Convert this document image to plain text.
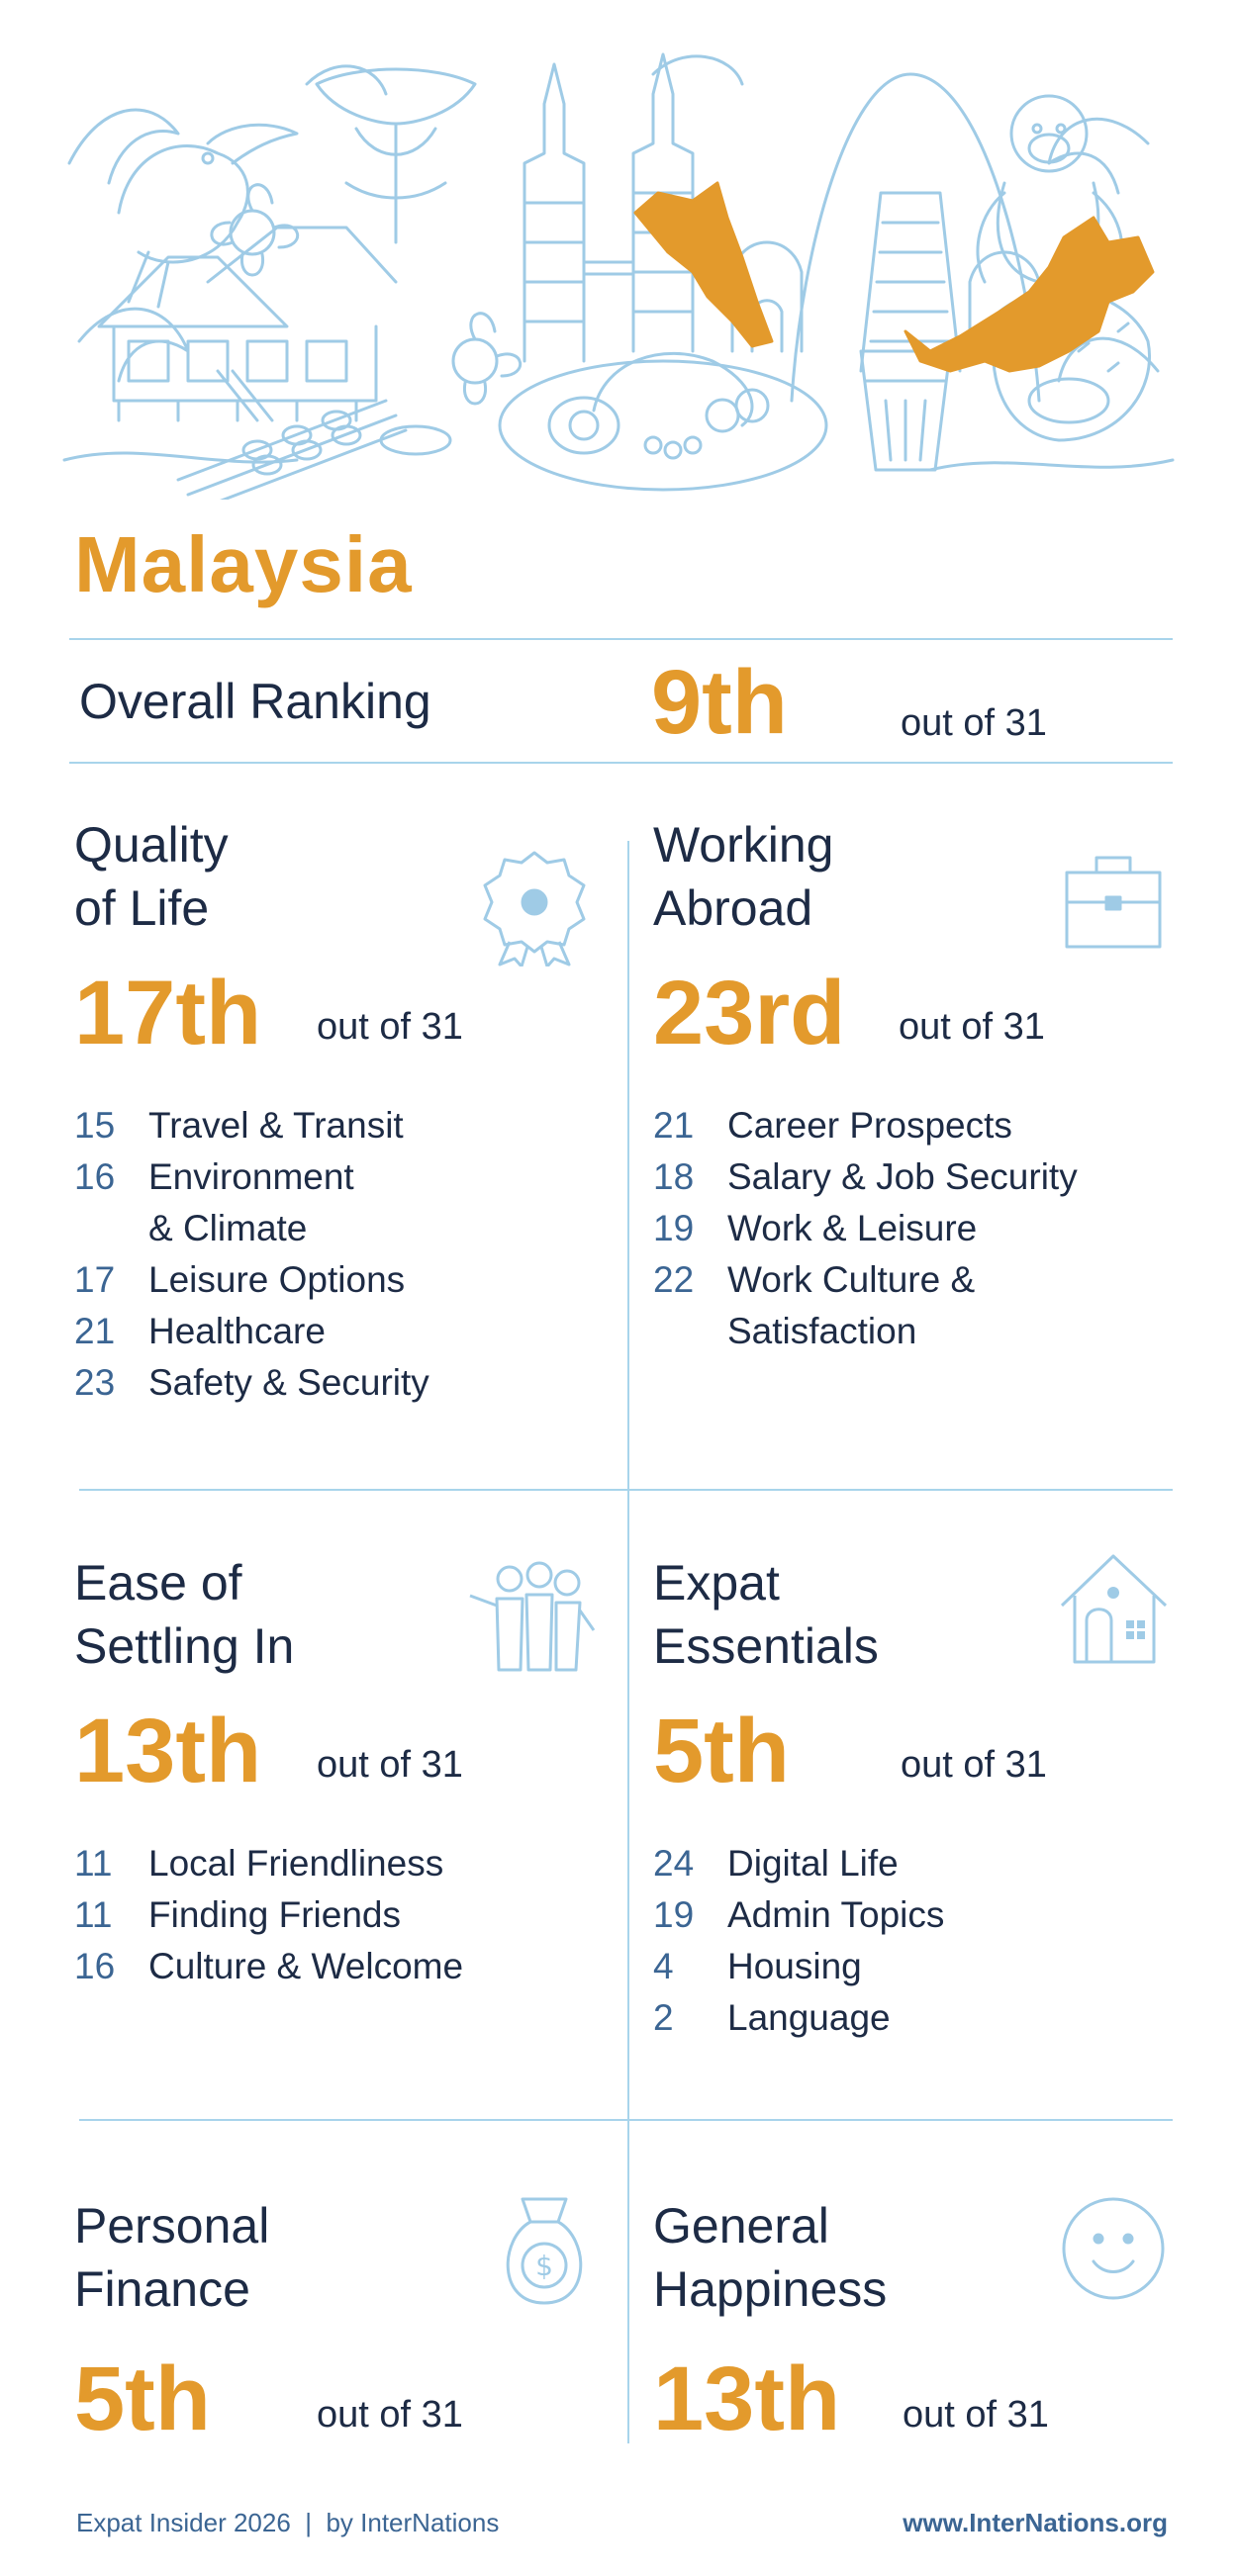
Malaysia
Overall Ranking 9th	out of 31
Quality
of Life
17th out of 31
15 Travel & Transit
16 Environment
& Climate
17 Leisure Options
21 Healthcare
23 Safety & Security
Working
Abroad
23rd out of 31
21 Career Prospects
18 Salary & Job Security
19 Work & Leisure
22 Work Culture &
Satisfaction
Ease of
Settling In
13th out of 31
11 Local Friendliness
11 Finding Friends
16 Culture & Welcome
Expat
Essentials
5th	out of 31
24 Digital Life
19 Admin Topics
4	Housing
2	Language
Personal
Finance	$
5th	out of 31
General
Happiness
13th out of 31
Expat Insider 2026  |  by InterNations	www.InterNations.org
